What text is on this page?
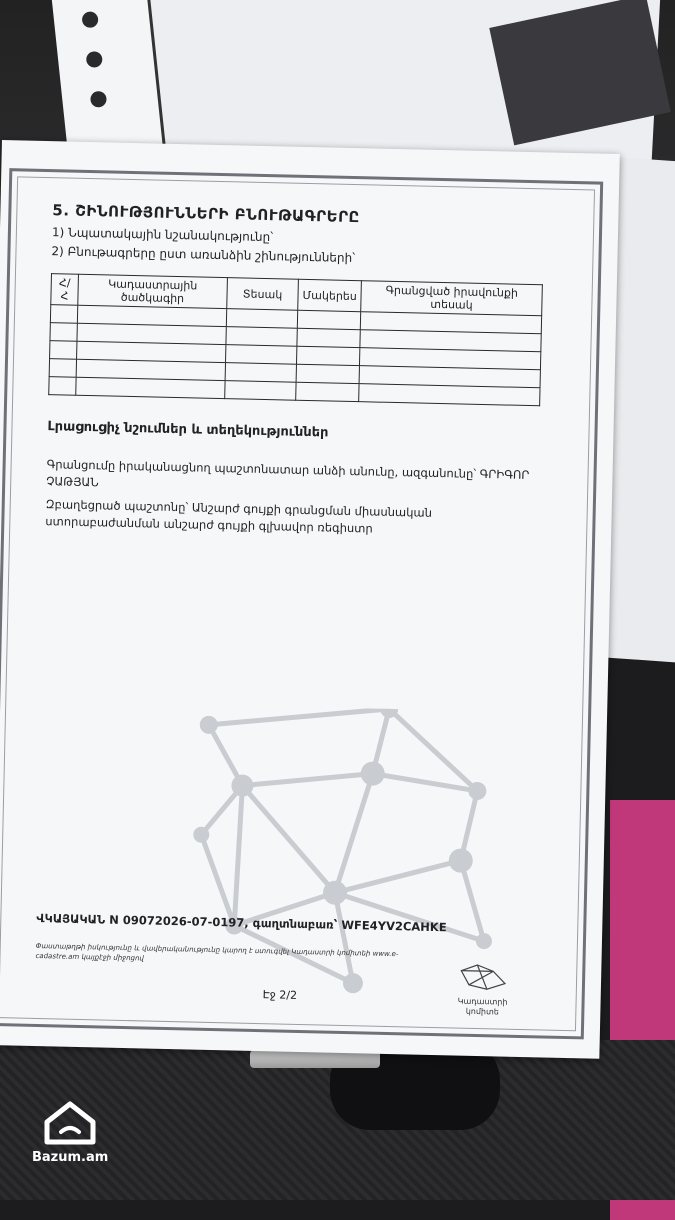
5. ՇԻՆՈՒԹՅՈՒՆՆԵՐԻ ԲՆՈՒԹԱԳՐԵՐԸ
1) Նպատակային նշանակությունը՝
2) Բնութագրերը ըստ առանձին շինությունների՝
Հ/Հ	Կադաստրային ծածկագիր	Տեսակ	Մակերես	Գրանցված իրավունքի տեսակ

Լրացուցիչ նշումներ և տեղեկություններ
Գրանցումը իրականացնող պաշտոնատար անձի անունը, ազգանունը՝ ԳՐԻԳՈՐ ՉԱԹՅԱՆ
Զբաղեցրած պաշտոնը՝ Անշարժ գույքի գրանցման միասնական ստորաբաժանման անշարժ գույքի գլխավոր ռեգիստր
ՎԿԱՅԱԿԱՆ N 09072026-07-0197, գաղտնաբառ՝ WFE4YV2CAHKE
Փաստաթղթի իսկությունը և վավերականությունը կարող է ստուգվել Կադաստրի կոմիտեի www.e-cadastre.am կայքէջի միջոցով
Էջ 2/2	Կադաստրի կոմիտե
Bazum.am
